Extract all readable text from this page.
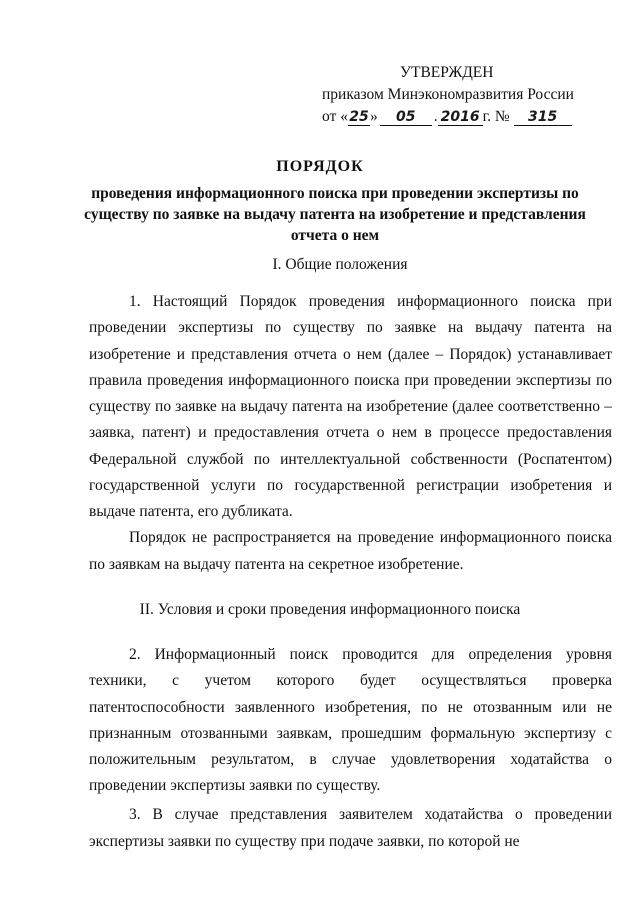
УТВЕРЖДЕН
приказом Минэкономразвития России
от «25» 05 . 2016 г. № 315
ПОРЯДОК
проведения информационного поиска при проведении экспертизы по существу по заявке на выдачу патента на изобретение и представления отчета о нем
I. Общие положения
1. Настоящий Порядок проведения информационного поиска при проведении экспертизы по существу по заявке на выдачу патента на изобретение и представления отчета о нем (далее – Порядок) устанавливает правила проведения информационного поиска при проведении экспертизы по существу по заявке на выдачу патента на изобретение (далее соответственно – заявка, патент) и предоставления отчета о нем в процессе предоставления Федеральной службой по интеллектуальной собственности (Роспатентом) государственной услуги по государственной регистрации изобретения и выдаче патента, его дубликата.
Порядок не распространяется на проведение информационного поиска по заявкам на выдачу патента на секретное изобретение.
II. Условия и сроки проведения информационного поиска
2. Информационный поиск проводится для определения уровня техники, с учетом которого будет осуществляться проверка патентоспособности заявленного изобретения, по не отозванным или не признанным отозванными заявкам, прошедшим формальную экспертизу с положительным результатом, в случае удовлетворения ходатайства о проведении экспертизы заявки по существу.
3. В случае представления заявителем ходатайства о проведении экспертизы заявки по существу при подаче заявки, по которой не
